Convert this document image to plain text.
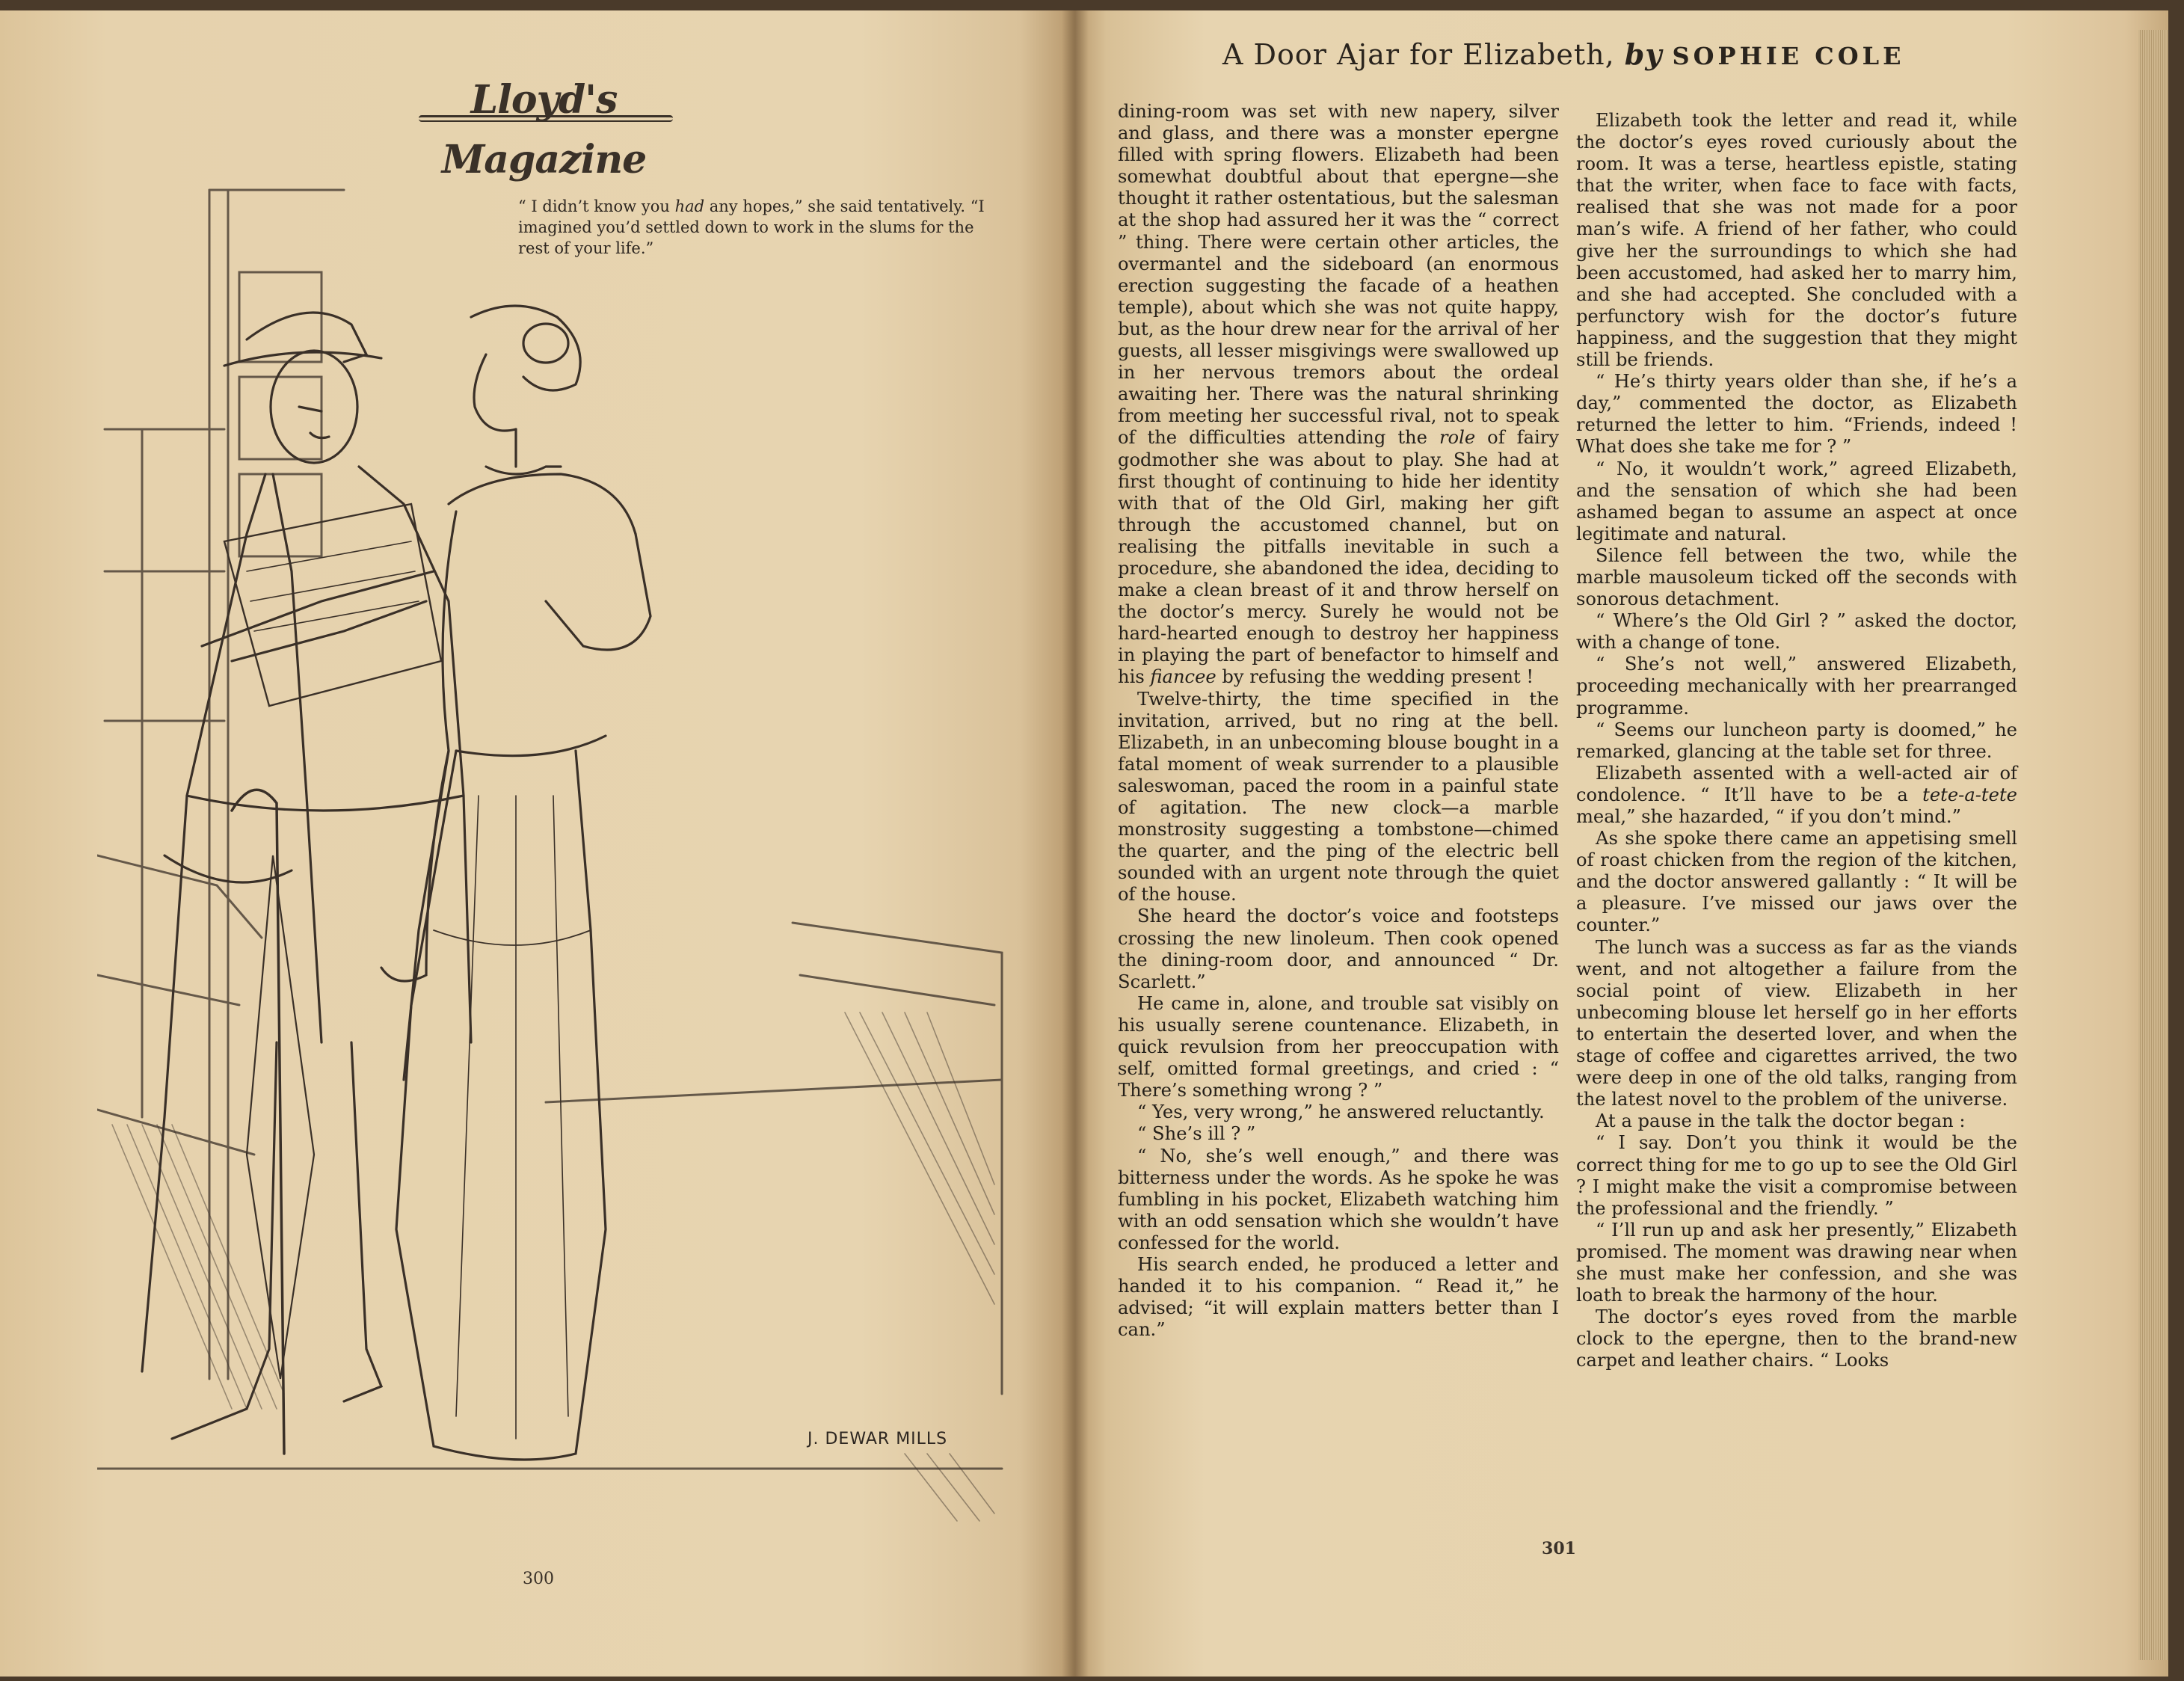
Lloyd's Magazine
“ I didn’t know you had any hopes,” she said tentatively. “I imagined you’d settled down to work in the slums for the rest of your life.”
J. DEWAR MILLS
300
A Door Ajar for Elizabeth, by SOPHIE COLE

dining-room was set with new napery, silver and glass, and there was a monster epergne filled with spring flowers. Elizabeth had been somewhat doubtful about that epergne—she thought it rather ostentatious, but the salesman at the shop had assured her it was the “ correct ” thing. There were certain other articles, the overmantel and the sideboard (an enormous erection suggesting the facade of a heathen temple), about which she was not quite happy, but, as the hour drew near for the arrival of her guests, all lesser misgivings were swallowed up in her nervous tremors about the ordeal awaiting her. There was the natural shrinking from meeting her successful rival, not to speak of the difficulties attending the role of fairy godmother she was about to play. She had at first thought of continuing to hide her identity with that of the Old Girl, making her gift through the accustomed channel, but on realising the pitfalls inevitable in such a procedure, she abandoned the idea, deciding to make a clean breast of it and throw herself on the doctor’s mercy. Surely he would not be hard-hearted enough to destroy her happiness in playing the part of benefactor to himself and his fiancee by refusing the wedding present !

Twelve-thirty, the time specified in the invitation, arrived, but no ring at the bell. Elizabeth, in an unbecoming blouse bought in a fatal moment of weak surrender to a plausible saleswoman, paced the room in a painful state of agitation. The new clock—a marble monstrosity suggesting a tombstone—chimed the quarter, and the ping of the electric bell sounded with an urgent note through the quiet of the house.

She heard the doctor’s voice and footsteps crossing the new linoleum. Then cook opened the dining-room door, and announced “ Dr. Scarlett.”

He came in, alone, and trouble sat visibly on his usually serene countenance. Elizabeth, in quick revulsion from her preoccupation with self, omitted formal greetings, and cried : “ There’s something wrong ? ”

“ Yes, very wrong,” he answered reluctantly.

“ She’s ill ? ”

“ No, she’s well enough,” and there was bitterness under the words. As he spoke he was fumbling in his pocket, Elizabeth watching him with an odd sensation which she wouldn’t have confessed for the world.

His search ended, he produced a letter and handed it to his companion. “ Read it,” he advised; “it will explain matters better than I can.”

Elizabeth took the letter and read it, while the doctor’s eyes roved curiously about the room. It was a terse, heartless epistle, stating that the writer, when face to face with facts, realised that she was not made for a poor man’s wife. A friend of her father, who could give her the surroundings to which she had been accustomed, had asked her to marry him, and she had accepted. She concluded with a perfunctory wish for the doctor’s future happiness, and the suggestion that they might still be friends.

“ He’s thirty years older than she, if he’s a day,” commented the doctor, as Elizabeth returned the letter to him. “Friends, indeed ! What does she take me for ? ”

“ No, it wouldn’t work,” agreed Elizabeth, and the sensation of which she had been ashamed began to assume an aspect at once legitimate and natural.

Silence fell between the two, while the marble mausoleum ticked off the seconds with sonorous detachment.

“ Where’s the Old Girl ? ” asked the doctor, with a change of tone.

“ She’s not well,” answered Elizabeth, proceeding mechanically with her prearranged programme.

“ Seems our luncheon party is doomed,” he remarked, glancing at the table set for three.

Elizabeth assented with a well-acted air of condolence. “ It’ll have to be a tete-a-tete meal,” she hazarded, “ if you don’t mind.”

As she spoke there came an appetising smell of roast chicken from the region of the kitchen, and the doctor answered gallantly : “ It will be a pleasure. I’ve missed our jaws over the counter.”

The lunch was a success as far as the viands went, and not altogether a failure from the social point of view. Elizabeth in her unbecoming blouse let herself go in her efforts to entertain the deserted lover, and when the stage of coffee and cigarettes arrived, the two were deep in one of the old talks, ranging from the latest novel to the problem of the universe.

At a pause in the talk the doctor began :

“ I say. Don’t you think it would be the correct thing for me to go up to see the Old Girl ? I might make the visit a compromise between the professional and the friendly. ”

“ I’ll run up and ask her presently,” Elizabeth promised. The moment was drawing near when she must make her confession, and she was loath to break the harmony of the hour.

The doctor’s eyes roved from the marble clock to the epergne, then to the brand-new carpet and leather chairs. “ Looks

301
